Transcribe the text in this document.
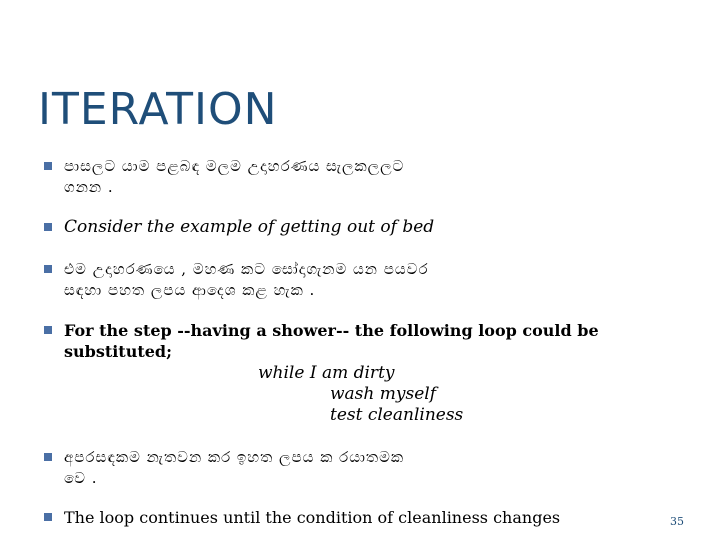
ITERATION
පාසලට යාම පළබඳ මලම උදාහරණය සැලකලලට
ගනන .
Consider the example of getting out of bed
එම උදාහරණයෙ , මහණ කට සෝදාගැනම යන පයවර
සඳහා පහත ලපය ආදෙශ කළ හැක .
For the step --having a shower-- the following loop could be
substituted;
while I am dirty
wash myself
test cleanliness
අපරසඳකම නැතවන කර ඉහත ලපය ක රයාතමක
වෙ .
The loop continues until the condition of cleanliness changes	35
